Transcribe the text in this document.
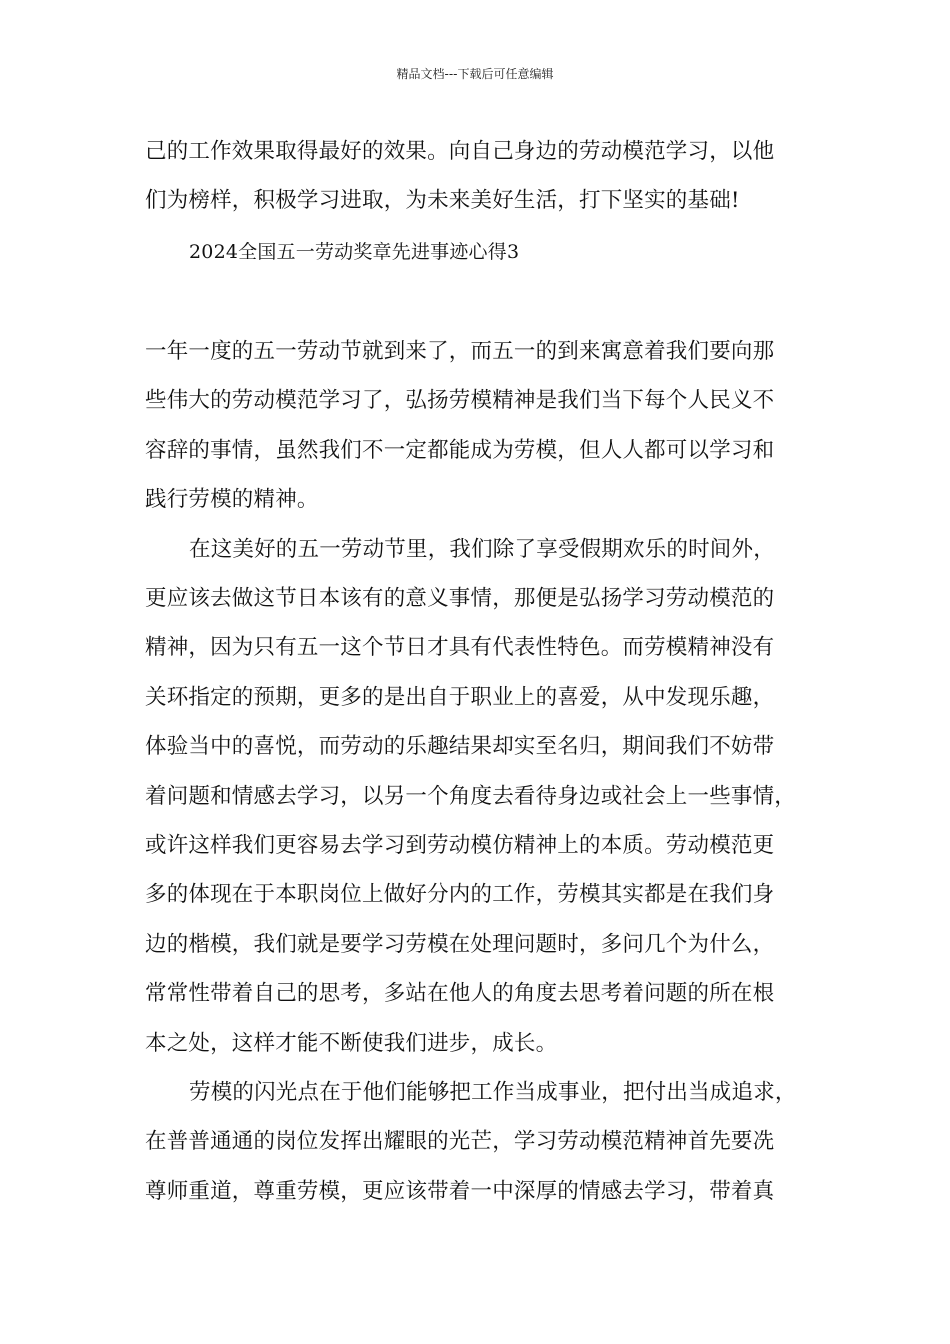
精品文档---下载后可任意编辑
己的工作效果取得最好的效果。向自己身边的劳动模范学习，以他
们为榜样，积极学习进取，为未来美好生活，打下坚实的基础!
2024全国五一劳动奖章先进事迹心得3
一年一度的五一劳动节就到来了，而五一的到来寓意着我们要向那
些伟大的劳动模范学习了，弘扬劳模精神是我们当下每个人民义不
容辞的事情，虽然我们不一定都能成为劳模，但人人都可以学习和
践行劳模的精神。
在这美好的五一劳动节里，我们除了享受假期欢乐的时间外，
更应该去做这节日本该有的意义事情，那便是弘扬学习劳动模范的
精神，因为只有五一这个节日才具有代表性特色。而劳模精神没有
关环指定的预期，更多的是出自于职业上的喜爱，从中发现乐趣，
体验当中的喜悦，而劳动的乐趣结果却实至名归，期间我们不妨带
着问题和情感去学习，以另一个角度去看待身边或社会上一些事情，
或许这样我们更容易去学习到劳动模仿精神上的本质。劳动模范更
多的体现在于本职岗位上做好分内的工作，劳模其实都是在我们身
边的楷模，我们就是要学习劳模在处理问题时，多问几个为什么，
常常性带着自己的思考，多站在他人的角度去思考着问题的所在根
本之处，这样才能不断使我们进步，成长。
劳模的闪光点在于他们能够把工作当成事业，把付出当成追求，
在普普通通的岗位发挥出耀眼的光芒，学习劳动模范精神首先要冼
尊师重道，尊重劳模，更应该带着一中深厚的情感去学习，带着真
